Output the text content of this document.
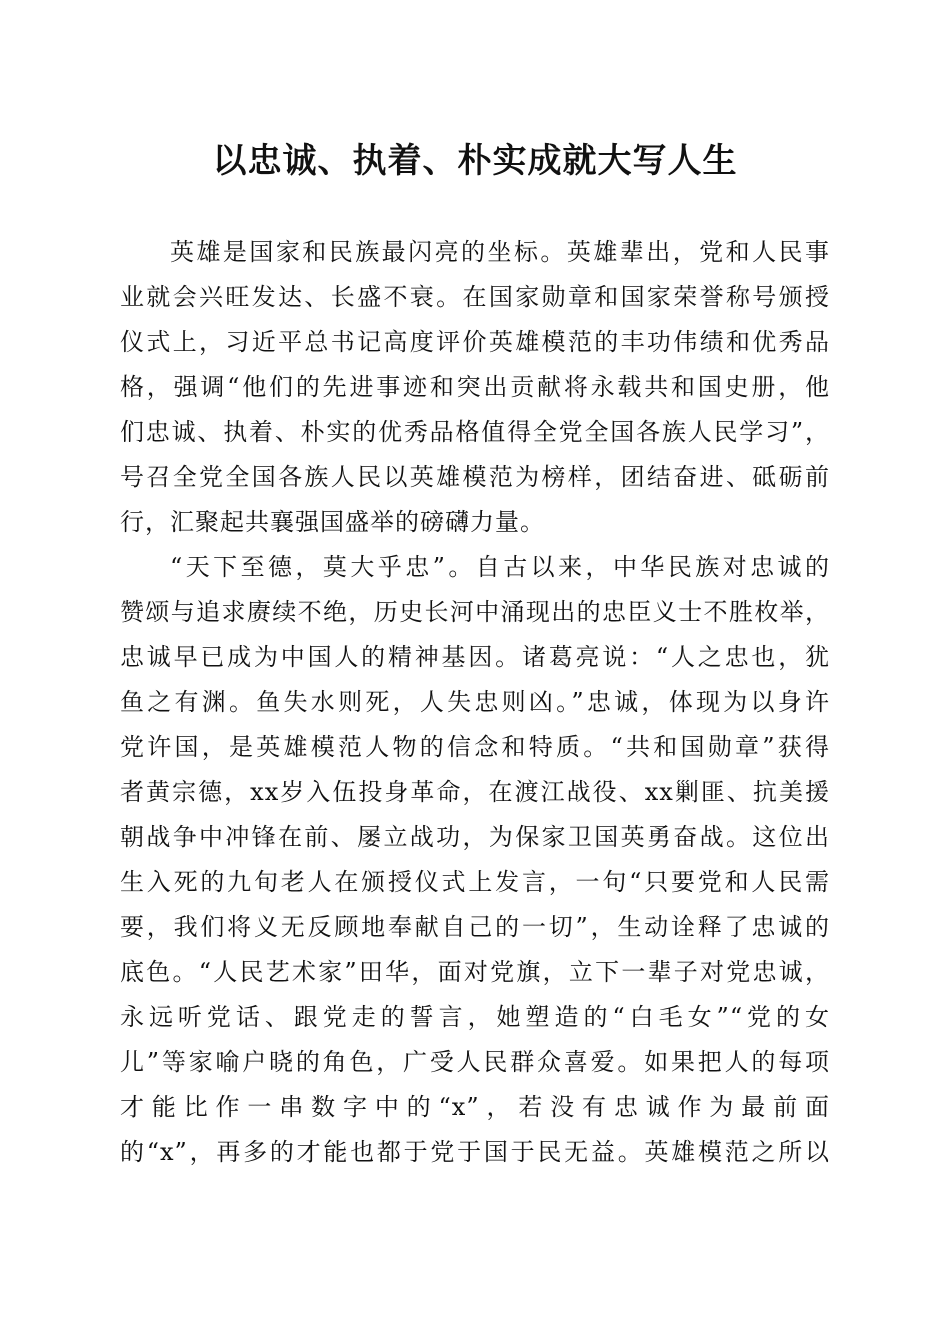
以忠诚、执着、朴实成就大写人生
英雄是国家和民族最闪亮的坐标。英雄辈出，党和人民事
业就会兴旺发达、长盛不衰。在国家勋章和国家荣誉称号颁授
仪式上，习近平总书记高度评价英雄模范的丰功伟绩和优秀品
格，强调“他们的先进事迹和突出贡献将永载共和国史册，他
们忠诚、执着、朴实的优秀品格值得全党全国各族人民学习”，
号召全党全国各族人民以英雄模范为榜样，团结奋进、砥砺前
行，汇聚起共襄强国盛举的磅礴力量。
“天下至德，莫大乎忠”。自古以来，中华民族对忠诚的
赞颂与追求赓续不绝，历史长河中涌现出的忠臣义士不胜枚举，
忠诚早已成为中国人的精神基因。诸葛亮说：“人之忠也，犹
鱼之有渊。鱼失水则死，人失忠则凶。”忠诚，体现为以身许
党许国，是英雄模范人物的信念和特质。“共和国勋章”获得
者黄宗德，xx岁入伍投身革命，在渡江战役、xx剿匪、抗美援
朝战争中冲锋在前、屡立战功，为保家卫国英勇奋战。这位出
生入死的九旬老人在颁授仪式上发言，一句“只要党和人民需
要，我们将义无反顾地奉献自己的一切”，生动诠释了忠诚的
底色。“人民艺术家”田华，面对党旗，立下一辈子对党忠诚，
永远听党话、跟党走的誓言，她塑造的“白毛女”“党的女
儿”等家喻户晓的角色，广受人民群众喜爱。如果把人的每项
才能比作一串数字中的“x”，若没有忠诚作为最前面
的“x”，再多的才能也都于党于国于民无益。英雄模范之所以
